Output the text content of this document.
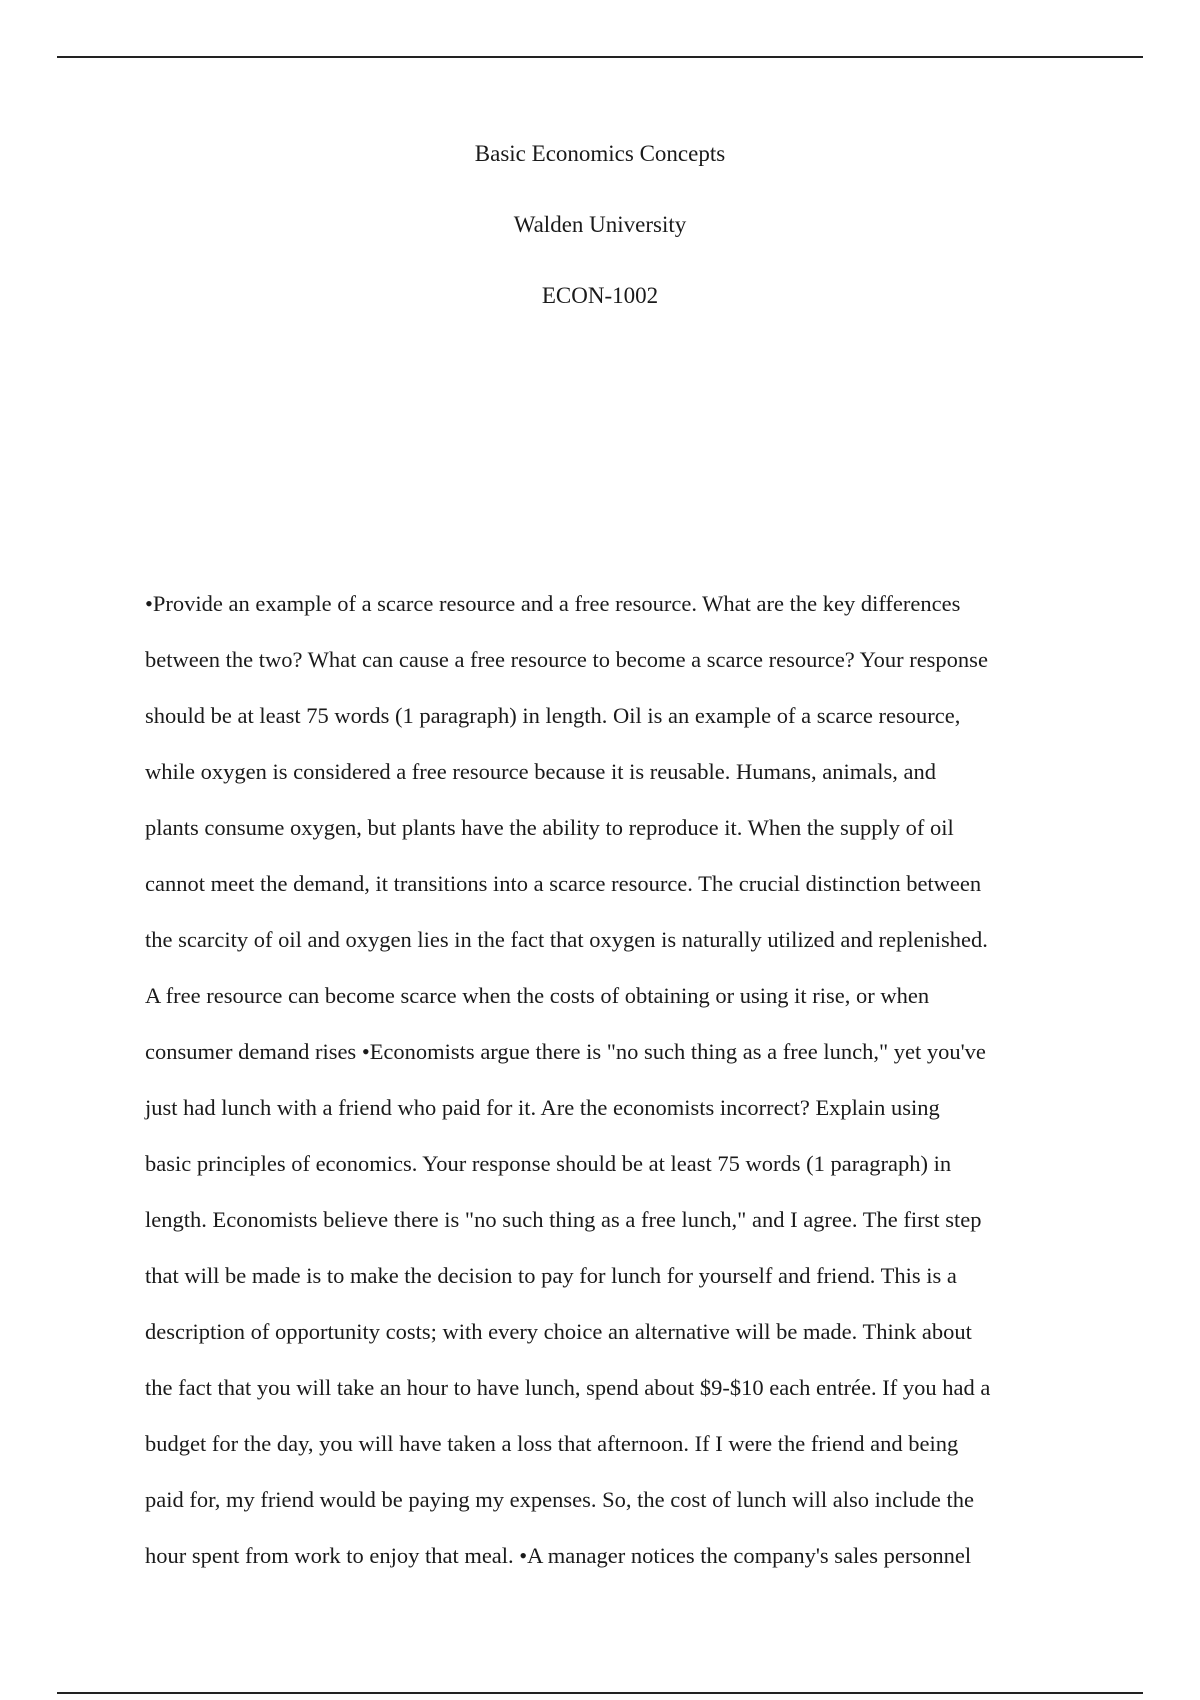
Basic Economics Concepts
Walden University
ECON-1002
•Provide an example of a scarce resource and a free resource. What are the key differences
between the two? What can cause a free resource to become a scarce resource? Your response
should be at least 75 words (1 paragraph) in length. Oil is an example of a scarce resource,
while oxygen is considered a free resource because it is reusable. Humans, animals, and
plants consume oxygen, but plants have the ability to reproduce it. When the supply of oil
cannot meet the demand, it transitions into a scarce resource. The crucial distinction between
the scarcity of oil and oxygen lies in the fact that oxygen is naturally utilized and replenished.
A free resource can become scarce when the costs of obtaining or using it rise, or when
consumer demand rises •Economists argue there is "no such thing as a free lunch," yet you've
just had lunch with a friend who paid for it. Are the economists incorrect? Explain using
basic principles of economics. Your response should be at least 75 words (1 paragraph) in
length. Economists believe there is "no such thing as a free lunch," and I agree. The first step
that will be made is to make the decision to pay for lunch for yourself and friend. This is a
description of opportunity costs; with every choice an alternative will be made. Think about
the fact that you will take an hour to have lunch, spend about $9-$10 each entrée. If you had a
budget for the day, you will have taken a loss that afternoon. If I were the friend and being
paid for, my friend would be paying my expenses. So, the cost of lunch will also include the
hour spent from work to enjoy that meal. •A manager notices the company's sales personnel
